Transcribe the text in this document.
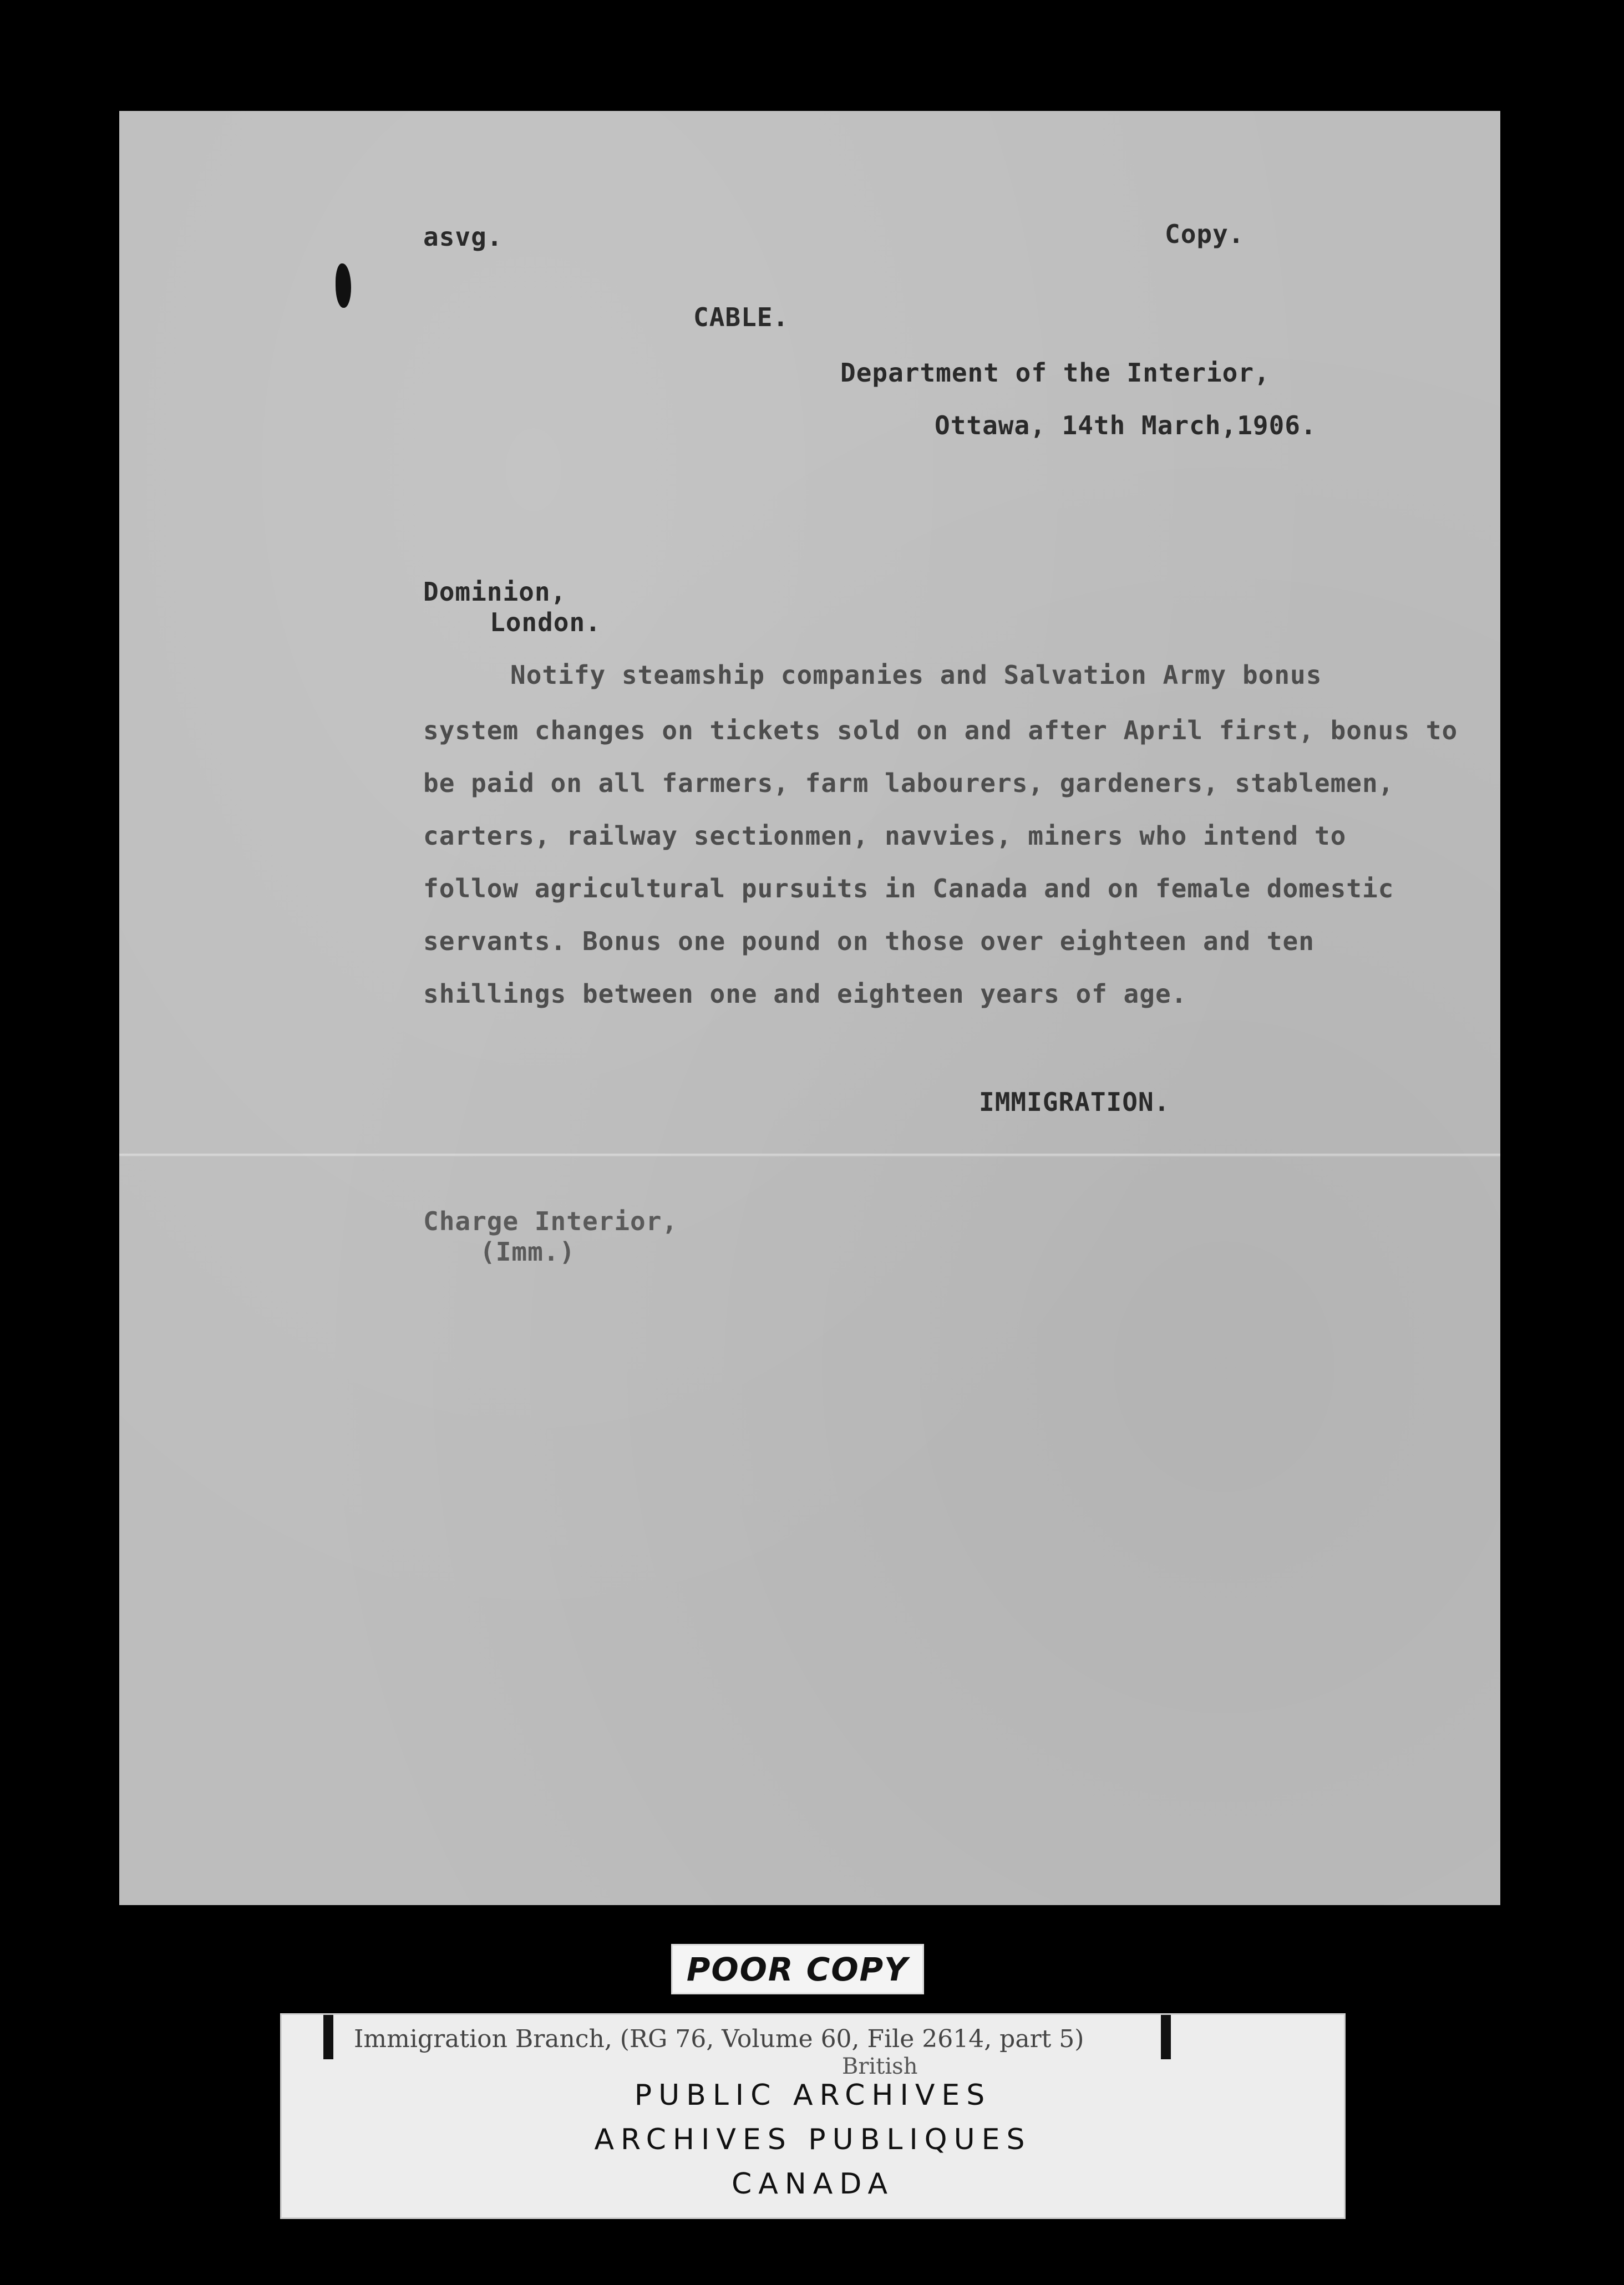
asvg.	Copy.
CABLE.
Department of the Interior,
Ottawa, 14th March,1906.
Dominion,
London.
Notify steamship companies and Salvation Army bonus
system changes on tickets sold on and after April first, bonus to
be paid on all farmers, farm labourers, gardeners, stablemen,
carters, railway sectionmen, navvies, miners who intend to
follow agricultural pursuits in Canada and on female domestic
servants. Bonus one pound on those over eighteen and ten
shillings between one and eighteen years of age.
IMMIGRATION.
Charge Interior,
(Imm.)
POOR COPY
Immigration Branch, (RG 76, Volume 60, File 2614, part 5)
British
PUBLIC ARCHIVES
ARCHIVES PUBLIQUES
CANADA
